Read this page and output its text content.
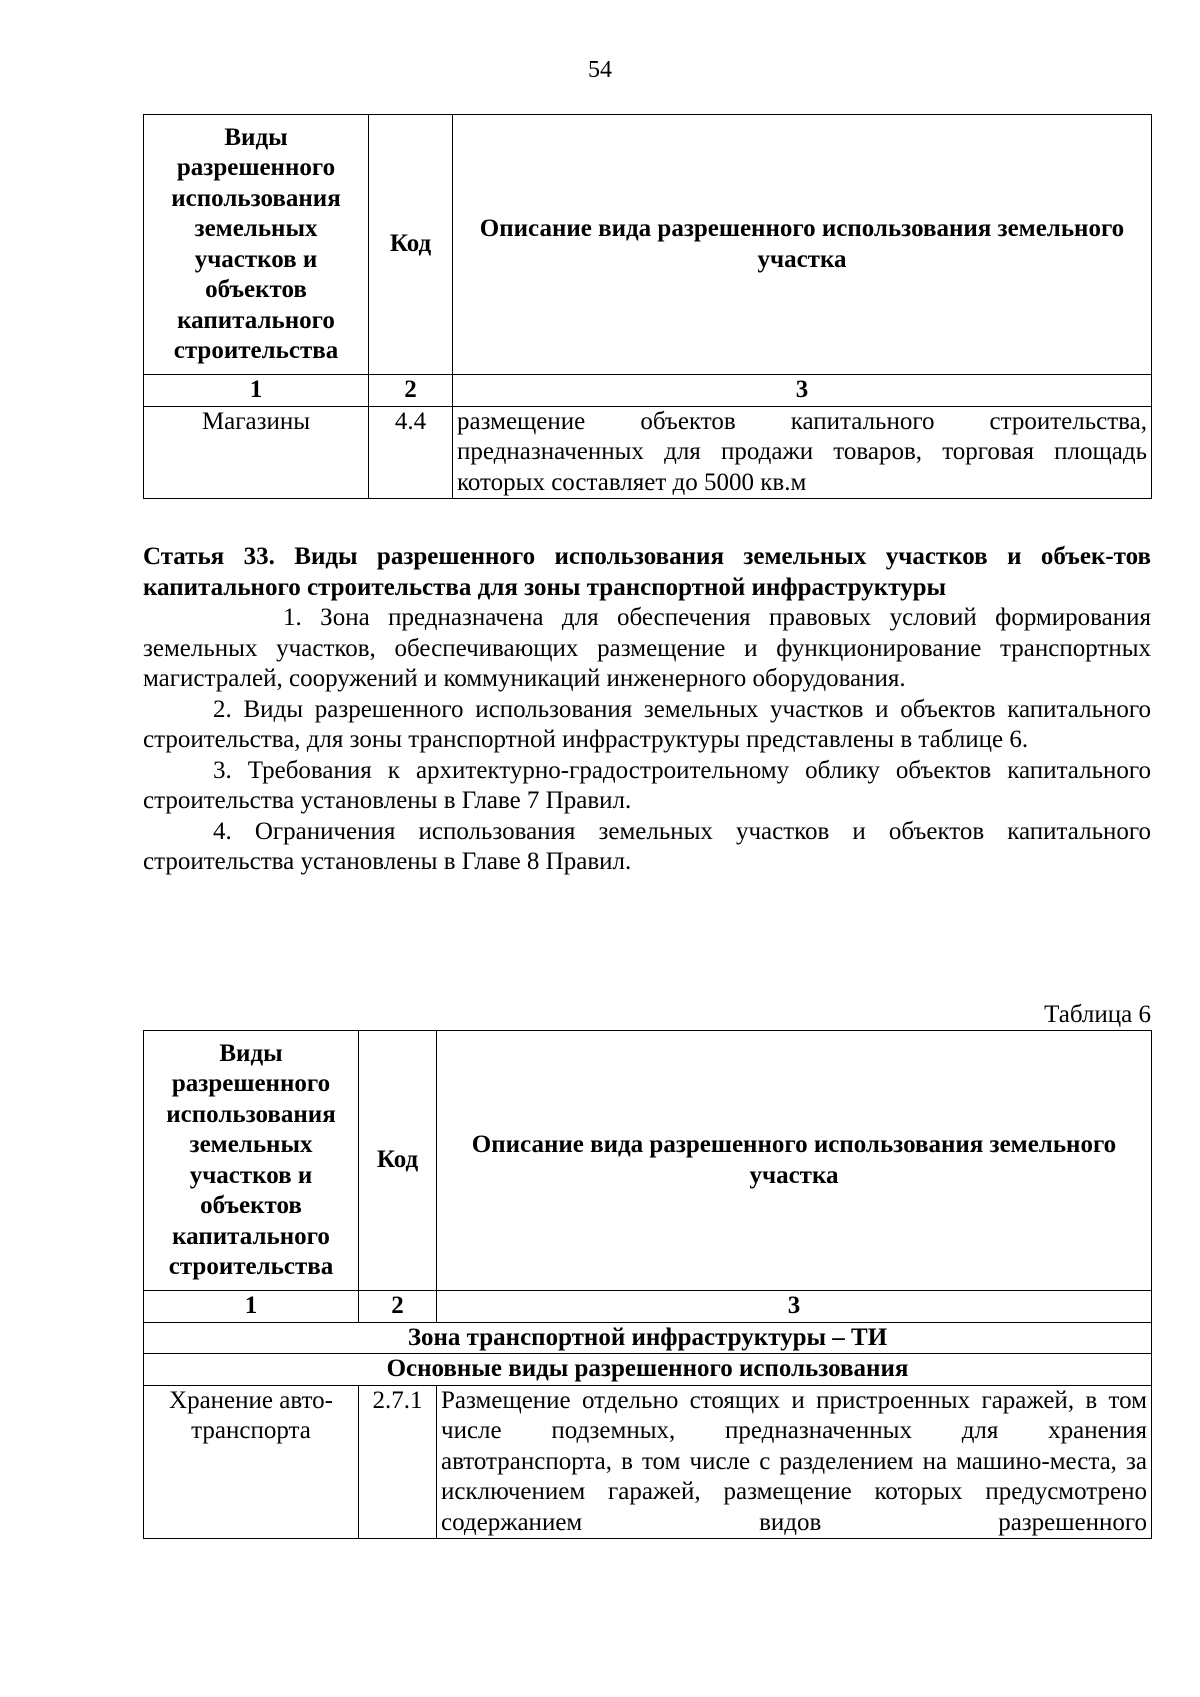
54
Виды разрешенного использования земельных участков и объектов капитального строительства	Код	Описание вида разрешенного использования земельного участка
1	2	3
Магазины	4.4	размещение объектов капитального строительства, предназначенных для продажи товаров, торговая площадь которых составляет до 5000 кв.м

Статья 33. Виды разрешенного использования земельных участков и объек-тов капитального строительства для зоны транспортной инфраструктуры

1. Зона предназначена для обеспечения правовых условий формирования земельных участков, обеспечивающих размещение и функционирование транспортных магистралей, сооружений и коммуникаций инженерного оборудования.

2. Виды разрешенного использования земельных участков и объектов капитального строительства, для зоны транспортной инфраструктуры представлены в таблице 6.

3. Требования к архитектурно-градостроительному облику объектов капитального строительства установлены в Главе 7 Правил.

4. Ограничения использования земельных участков и объектов капитального строительства установлены в Главе 8 Правил.

Таблица 6
Виды разрешенного использования земельных участков и объектов капитального строительства	Код	Описание вида разрешенного использования земельного участка
1	2	3
Зона транспортной инфраструктуры – ТИ		
Основные виды разрешенного использования		
Хранение авто-транспорта	2.7.1	Размещение отдельно стоящих и пристроенных гаражей, в том числе подземных, предназначенных для хранения автотранспорта, в том числе с разделением на машино-места, за исключением гаражей, размещение которых предусмотрено содержанием видов разрешенного
